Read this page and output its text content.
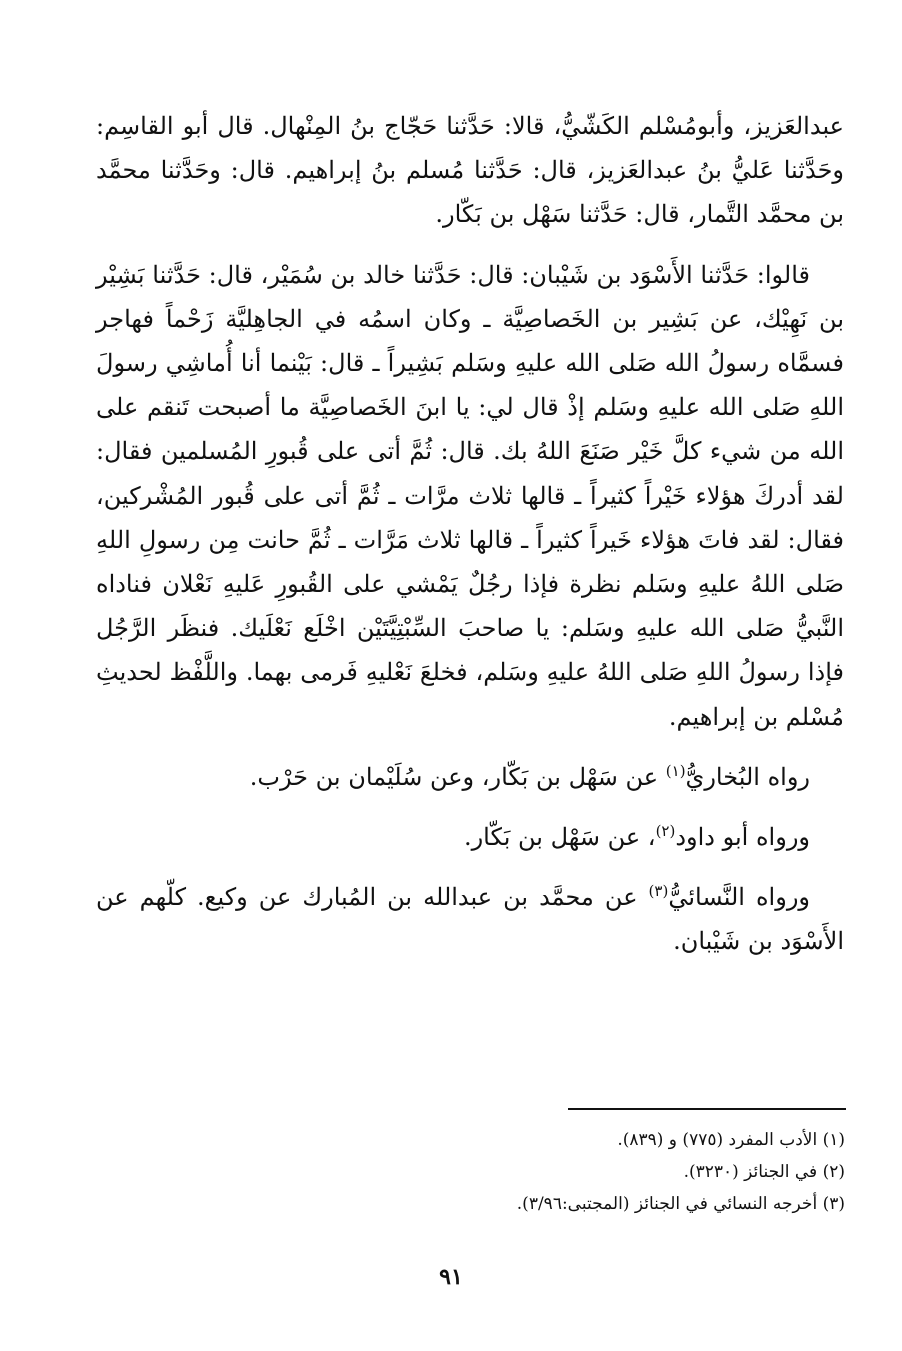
عبدالعَزيز، وأبومُسْلم الكَشّيُّ، قالا: حَدَّثنا حَجّاج بنُ المِنْهال. قال أبو القاسِم: وحَدَّثنا عَليُّ بنُ عبدالعَزيز، قال: حَدَّثنا مُسلم بنُ إبراهيم. قال: وحَدَّثنا محمَّد بن محمَّد التَّمار، قال: حَدَّثنا سَهْل بن بَكّار.

قالوا: حَدَّثنا الأَسْوَد بن شَيْبان: قال: حَدَّثنا خالد بن سُمَيْر، قال: حَدَّثنا بَشِيْر بن نَهِيْك، عن بَشِير بن الخَصاصِيَّة ـ وكان اسمُه في الجاهِليَّة زَحْماً فهاجر فسمَّاه رسولُ الله صَلى الله عليهِ وسَلم بَشِيراً ـ قال: بَيْنما أنا أُماشِي رسولَ اللهِ صَلى الله عليهِ وسَلم إذْ قال لي: يا ابنَ الخَصاصِيَّة ما أصبحت تَنقم على الله من شيء كلَّ خَيْر صَنَعَ اللهُ بك. قال: ثُمَّ أتى على قُبورِ المُسلمين فقال: لقد أدركَ هؤلاء خَيْراً كثيراً ـ قالها ثلاث مرَّات ـ ثُمَّ أتى على قُبور المُشْركين، فقال: لقد فاتَ هؤلاء خَيراً كثيراً ـ قالها ثلاث مَرَّات ـ ثُمَّ حانت مِن رسولِ اللهِ صَلى اللهُ عليهِ وسَلم نظرة فإذا رجُلٌ يَمْشي على القُبورِ عَليهِ نَعْلان فناداه النَّبيُّ صَلى الله عليهِ وسَلم: يا صاحبَ السِّبْتِيَّتَيْن اخْلَع نَعْلَيك. فنظَر الرَّجُل فإذا رسولُ اللهِ صَلى اللهُ عليهِ وسَلم، فخلعَ نَعْليهِ فَرمى بهما. واللَّفْظ لحديثِ مُسْلم بن إبراهيم.

رواه البُخاريُّ$^{(١)}$ عن سَهْل بن بَكّار، وعن سُلَيْمان بن حَرْب.

ورواه أبو داود$^{(٢)}$، عن سَهْل بن بَكّار.

ورواه النَّسائيُّ$^{(٣)}$ عن محمَّد بن عبدالله بن المُبارك عن وكيع. كلّهم عن الأَسْوَد بن شَيْبان.

(١) الأدب المفرد (٧٧٥) و (٨٣٩).

(٢) في الجنائز (٣٢٣٠).

(٣) أخرجه النسائي في الجنائز (المجتبى:٣/٩٦).

٩١
